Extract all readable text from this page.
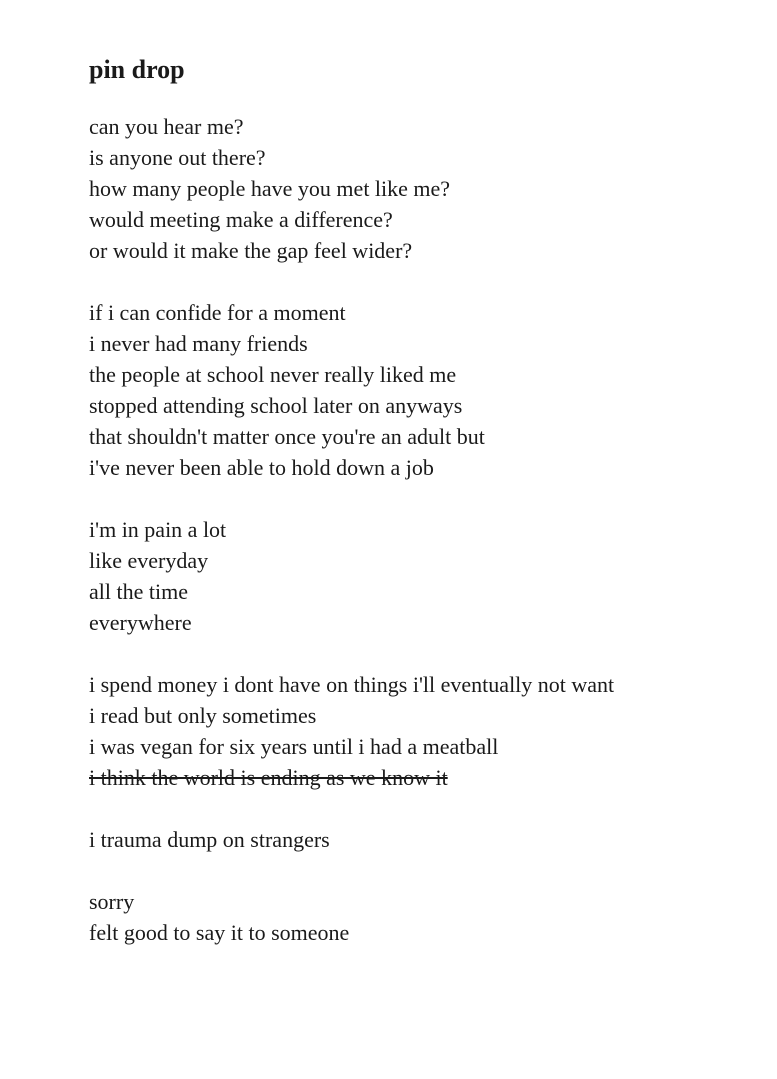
pin drop
can you hear me?
is anyone out there?
how many people have you met like me?
would meeting make a difference?
or would it make the gap feel wider?
if i can confide for a moment
i never had many friends
the people at school never really liked me
stopped attending school later on anyways
that shouldn't matter once you're an adult but
i've never been able to hold down a job
i'm in pain a lot
like everyday
all the time
everywhere
i spend money i dont have on things i'll eventually not want
i read but only sometimes
i was vegan for six years until i had a meatball
i think the world is ending as we know it
i trauma dump on strangers
sorry
felt good to say it to someone
